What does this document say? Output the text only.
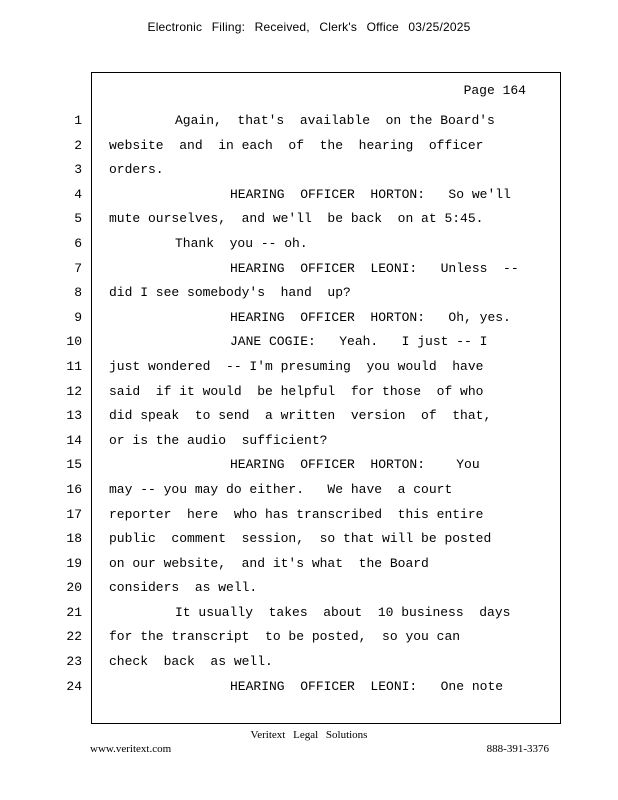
Electronic Filing: Received, Clerk's Office 03/25/2025
Page 164
1
2
3
4
5
6
7
8
9
10
11
12
13
14
15
16
17
18
19
20
21
22
23
24
Again,  that's  available  on the Board's
website  and  in each  of  the  hearing  officer
orders.
HEARING  OFFICER  HORTON:   So we'll
mute ourselves,  and we'll  be back  on at 5:45.
Thank  you -- oh.
HEARING  OFFICER  LEONI:   Unless  --
did I see somebody's  hand  up?
HEARING  OFFICER  HORTON:   Oh, yes.
JANE COGIE:   Yeah.   I just -- I
just wondered  -- I'm presuming  you would  have
said  if it would  be helpful  for those  of who
did speak  to send  a written  version  of  that,
or is the audio  sufficient?
HEARING  OFFICER  HORTON:    You
may -- you may do either.   We have  a court
reporter  here  who has transcribed  this entire
public  comment  session,  so that will be posted
on our website,  and it's what  the Board
considers  as well.
It usually  takes  about  10 business  days
for the transcript  to be posted,  so you can
check  back  as well.
HEARING  OFFICER  LEONI:   One note
Veritext Legal Solutions
www.veritext.com	888-391-3376
